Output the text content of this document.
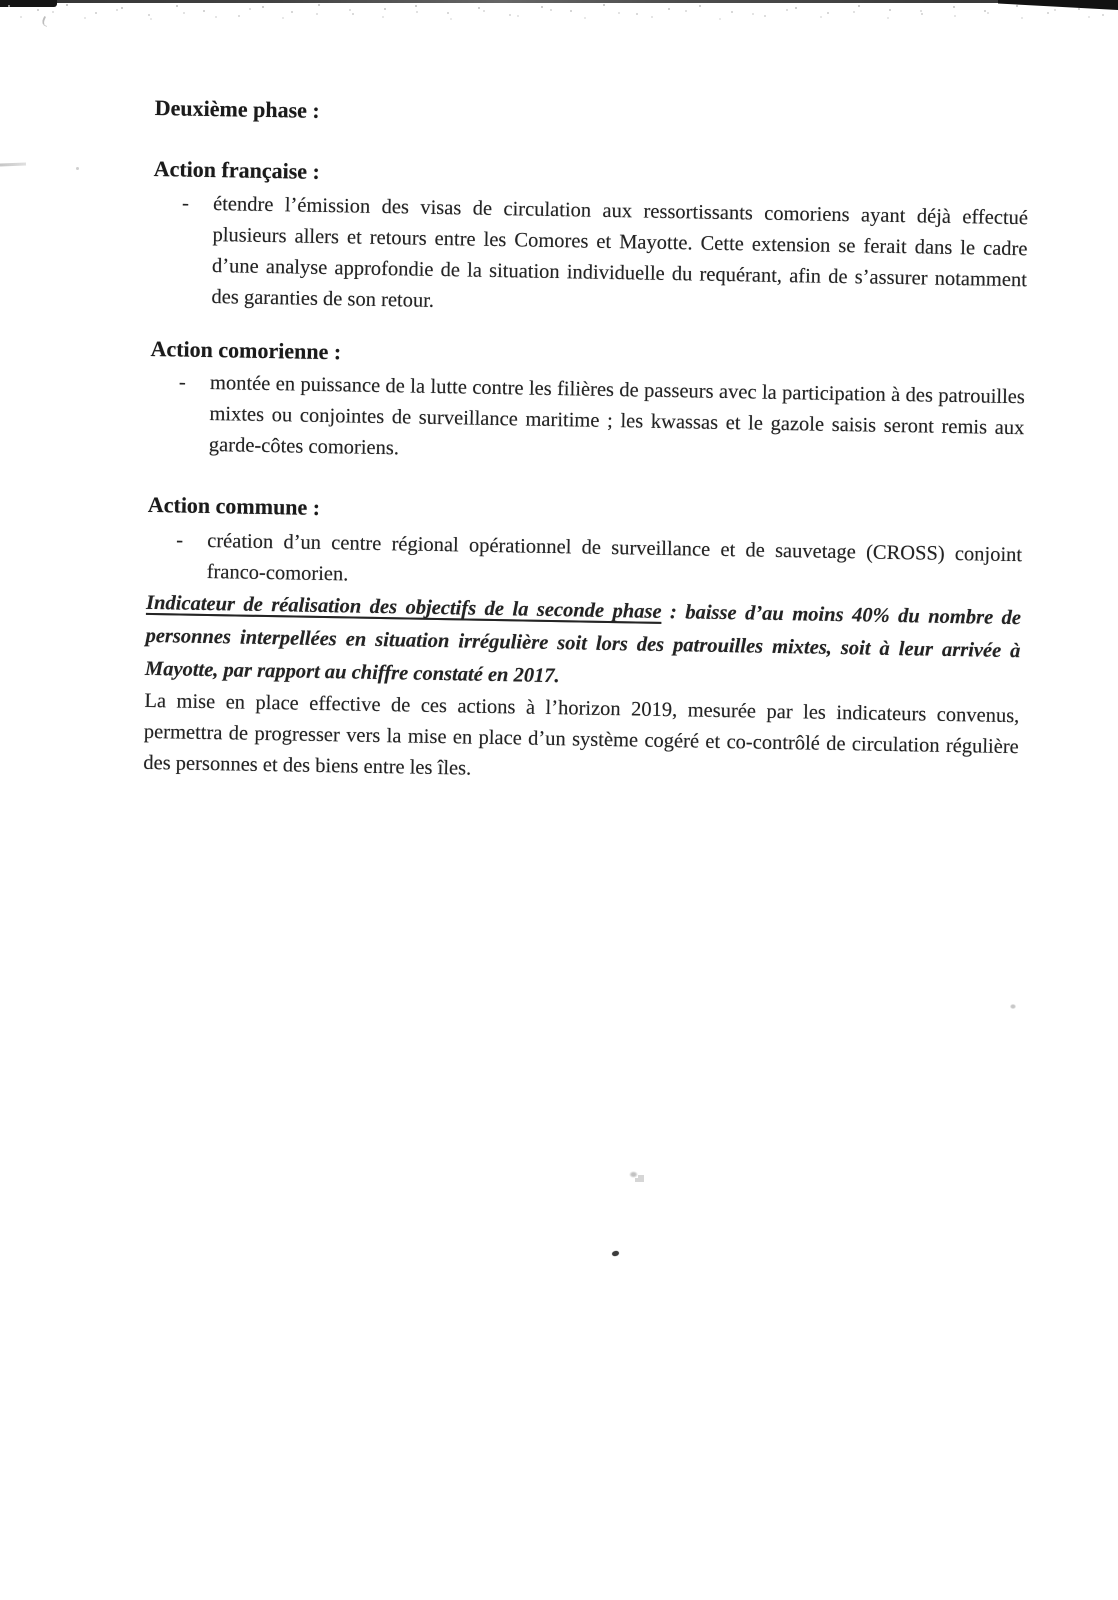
Deuxième phase :
Action française :
- étendre l’émission des visas de circulation aux ressortissants comoriens ayant déjà effectué plusieurs allers et retours entre les Comores et Mayotte. Cette extension se ferait dans le cadre d’une analyse approfondie de la situation individuelle du requérant, afin de s’assurer notamment des garanties de son retour.

Action comorienne :
- montée en puissance de la lutte contre les filières de passeurs avec la participation à des patrouilles mixtes ou conjointes de surveillance maritime ; les kwassas et le gazole saisis seront remis aux garde-côtes comoriens.

Action commune :
- création d’un centre régional opérationnel de surveillance et de sauvetage (CROSS) conjoint franco-comorien.

Indicateur de réalisation des objectifs de la seconde phase : baisse d’au moins 40% du nombre de personnes interpellées en situation irrégulière soit lors des patrouilles mixtes, soit à leur arrivée à Mayotte, par rapport au chiffre constaté en 2017.

La mise en place effective de ces actions à l’horizon 2019, mesurée par les indicateurs convenus, permettra de progresser vers la mise en place d’un système cogéré et co-contrôlé de circulation régulière des personnes et des biens entre les îles.
